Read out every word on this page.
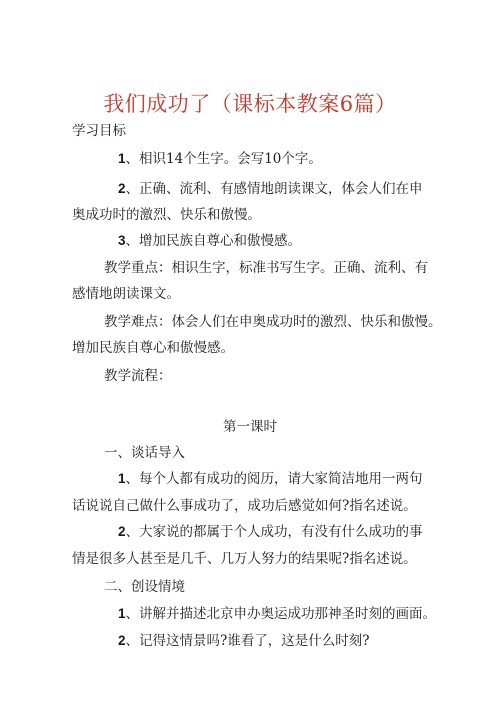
我们成功了（课标本教案6篇）
学习目标
1、相识14个生字。会写10个字。
2、正确、流利、有感情地朗读课文，体会人们在申
奥成功时的激烈、快乐和傲慢。
3、增加民族自尊心和傲慢感。
教学重点：相识生字，标准书写生字。正确、流利、有
感情地朗读课文。
教学难点：体会人们在申奥成功时的激烈、快乐和傲慢。
增加民族自尊心和傲慢感。
教学流程：
第一课时
一、谈话导入
1、每个人都有成功的阅历，请大家简洁地用一两句
话说说自己做什么事成功了，成功后感觉如何?指名述说。
2、大家说的都属于个人成功，有没有什么成功的事
情是很多人甚至是几千、几万人努力的结果呢?指名述说。
二、创设情境
1、讲解并描述北京申办奥运成功那神圣时刻的画面。
2、记得这情景吗?谁看了，这是什么时刻?
